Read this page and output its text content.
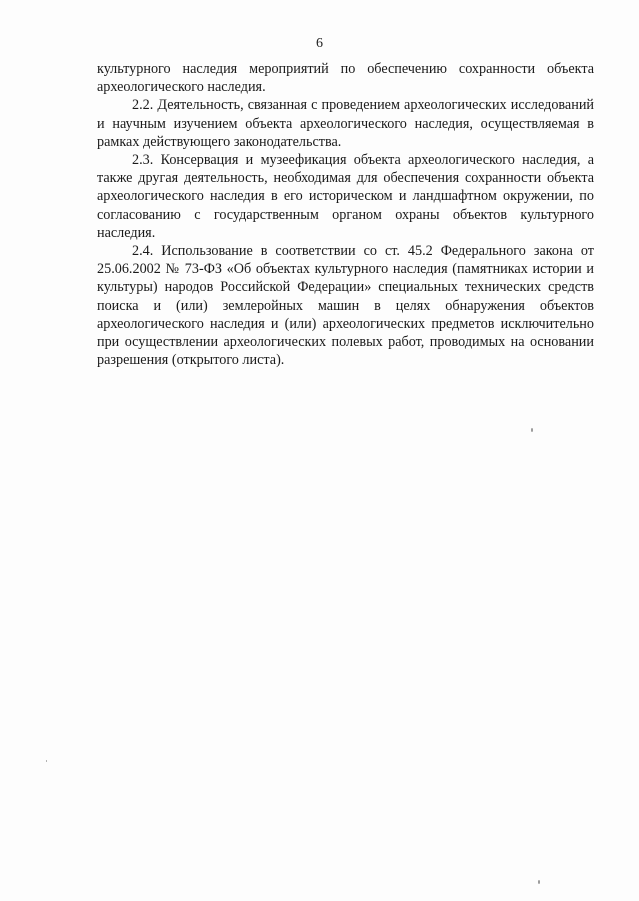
6

культурного наследия мероприятий по обеспечению сохранности объекта археологического наследия.

2.2. Деятельность, связанная с проведением археологических исследований и научным изучением объекта археологического наследия, осуществляемая в рамках действующего законодательства.

2.3. Консервация и музеефикация объекта археологического наследия, а также другая деятельность, необходимая для обеспечения сохранности объекта археологического наследия в его историческом и ландшафтном окружении, по согласованию с государственным органом охраны объектов культурного наследия.

2.4. Использование в соответствии со ст. 45.2 Федерального закона от 25.06.2002 № 73-ФЗ «Об объектах культурного наследия (памятниках истории и культуры) народов Российской Федерации» специальных технических средств поиска и (или) землеройных машин в целях обнаружения объектов археологического наследия и (или) археологических предметов исключительно при осуществлении археологических полевых работ, проводимых на основании разрешения (открытого листа).
